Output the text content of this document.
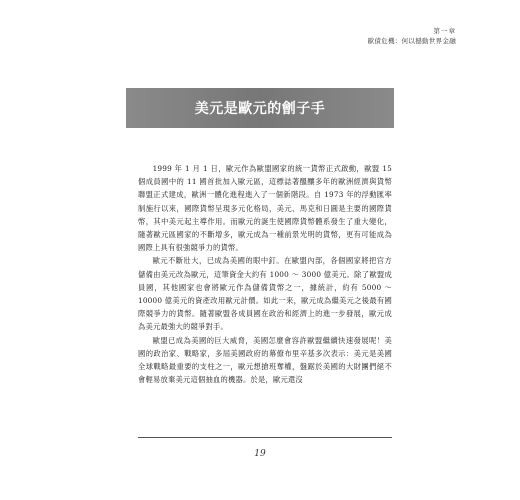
第一章
歐債危機：何以撼動世界金融
美元是歐元的劊子手

1999 年 1 月 1 日，歐元作為歐盟國家的統一貨幣正式啟動，歐盟 15 個成員國中的 11 國首批加入歐元區，這標誌著醞釀多年的歐洲經濟與貨幣聯盟正式建成，歐洲一體化進程進入了一個新階段。自 1973 年的浮動匯率制施行以來，國際貨幣呈現多元化格局，美元、馬克和日圓是主要的國際貨幣，其中美元起主導作用。而歐元的誕生使國際貨幣體系發生了重大變化，隨著歐元區國家的不斷增多，歐元成為一種前景光明的貨幣，更有可能成為國際上具有很強競爭力的貨幣。

歐元不斷壯大，已成為美國的眼中釘。在歐盟內部，各個國家將把官方儲備由美元改為歐元，這筆資金大約有 1000 ～ 3000 億美元。除了歐盟成員國，其他國家也會將歐元作為儲備貨幣之一，據統計，約有 5000 ～ 10000 億美元的資產改用歐元計價。如此一來，歐元成為繼美元之後最有國際競爭力的貨幣。隨著歐盟各成員國在政治和經濟上的進一步發展，歐元成為美元最強大的競爭對手。

歐盟已成為美國的巨大威脅，美國怎麼會容許歐盟繼續快速發展呢！美國的政治家、戰略家，多屆美國政府的幕僚布里辛基多次表示：美元是美國全球戰略最重要的支柱之一，歐元想搶班奪權，盤踞於美國的大財團們絕不會輕易放棄美元這個抽血的機器。於是，歐元還沒

19
